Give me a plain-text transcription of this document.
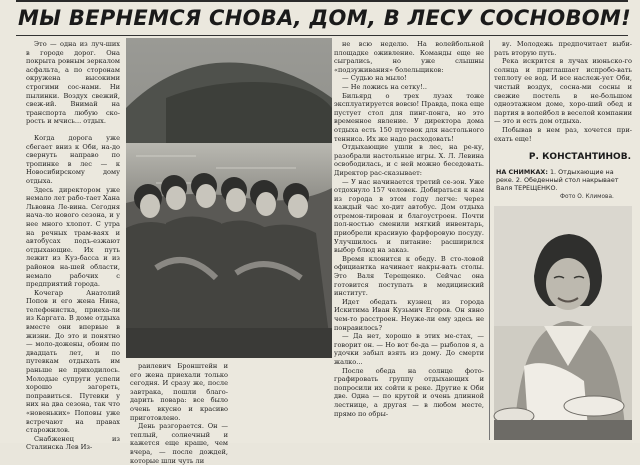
МЫ ВЕРНЕМСЯ СНОВА, ДОМ, В ЛЕСУ СОСНОВОМ!

Это — одна из луч-ших в городе дорог. Она покрыта ровным зеркалом асфальта, а по сторонам окружена высокими строгими сос-нами. Ни пылинки. Воздух свежий, свеж-ий. Внимай на транспорта любую ско-рость и мчись... отдых.

Когда дорога уже сбегает вниз к Оби, на-до свернуть направо по тропинке в лес — к Новосибирскому дому отдыха.

Здесь директором уже немало лет рабо-тает Хана Львовна Ле-вина. Сегодня нача-ло нового сезона, и у нее много хлопот. С утра на речных трам-ваях и автобусах подъ-езжают отдыхающие. Их путь лежит из Куз-басса и из районов на-шей области, немало рабочих с предприятий города.

Кочегар Анатолий Попов и его жена Нина, телефонистка, приеха-ли из Каргата. В доме отдыха вместе они впервые в жизни. До это и понятно — моло-дожены, обоим по двадцать лет, и по путевкам отдыхать им раньше не приходилось. Молодые супруги успели хорошо загореть, поправиться. Путевки у них на два сезона, так что «новеньких» Поповы уже встречают на правах старожилов.

Снабженец из Сталинска Лев Из-

раилевич Бронштейн и его жена приехали только сегодня. И сразу же, после завтрака, пошли благо-дарить повара: все было очень вкусно и красиво приготовлено.

День разгорается. Он — теплый, солнечный и кажется еще краше, чем вчера, — после дождей, которые шли чуть ли

не всю неделю. На волейбольной площадке оживление. Команды еще не сыгрались, но уже слышны «подзуживания» болельщиков:

— Судью на мыло!

— Не ложись на сетку!..

Бильярд о трех лузах тоже эксплуатируется вовсю! Правда, пока еще пустует стол для пинг-понга, но это временное явление. У директора дома отдыха есть 150 путевок для настольного тенниса. Их же надо расходовать!

Отдыхающие ушли в лес, на ре-ку, разобрали настольные игры. Х. Л. Левина освободилась, и с ней можно беседовать. Директор рас-сказывает:

— У нас начинается третий се-зон. Уже отдохнуло 157 человек. Добираться к нам из города в этом году легче: через каждый час хо-дит автобус. Дом отдыха отремон-тирован и благоустроен. Почти пол-ностью сменили мягкий инвентарь, приобрели красивую фарфоровую посуду. Улучшилось и питание: расширился выбор блюд на заказ.

Время клонится к обеду. В сто-ловой официантка начинает накры-вать столы. Это Валя Терещенко. Сейчас она готовится поступать в медицинский институт.

Идет обедать кузнец из города Искитима Иван Кузьмич Егоров. Он явно чем-то расстроен. Неуже-ли ему здесь не понравилось?

— Да нет, хорошо в этих ме-стах, — говорит он. — Но вот бе-да — рыболов я, а удочки забыл взять из дому. До смерти жалко...

После обеда на солнце фото-графировать группу отдыхающих и попросили их сойти к реке. Другие к Оби две. Одна — по крутой и очень длинной лестнице, а другая — в любом месте, прямо по обры-

ву. Молодежь предпочитает выби-рать вторую путь.

Река искрится в лучах июньско-го солнца и приглашает испробо-вать теплоту ее вод. И все наслеж-ует Оби, чистый воздух, сосна-ми сосны и свежие постель в не-большом одноэтажном доме, хоро-ший обед и партия в волейбол в веселой компании — это и есть дом отдыха.

Побывав в нем раз, хочется при-ехать еще!

Р. КОНСТАНТИНОВ.
НА СНИМКАХ: 1. Отдыхающие на реке. 2. Обеденный стол накрывает Валя ТЕРЕЩЕНКО.
Фото О. Климова.
